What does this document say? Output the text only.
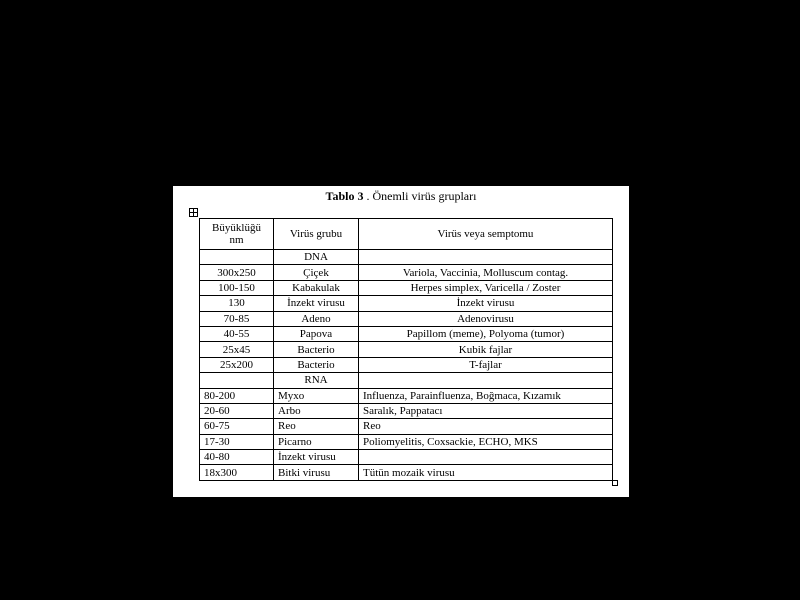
Tablo 3 . Önemli virüs grupları
Büyüklüğü nm	Virüs grubu	Virüs veya semptomu
	DNA	
300x250	Çiçek	Variola, Vaccinia, Molluscum contag.
100-150	Kabakulak	Herpes simplex, Varicella / Zoster
130	İnzekt virusu	İnzekt virusu
70-85	Adeno	Adenovirusu
40-55	Papova	Papillom (meme), Polyoma (tumor)
25x45	Bacterio	Kubik fajlar
25x200	Bacterio	T-fajlar
	RNA	
80-200	Myxo	Influenza, Parainfluenza, Boğmaca, Kızamık
20-60	Arbo	Saralık, Pappatacı
60-75	Reo	Reo
17-30	Picarno	Poliomyelitis, Coxsackie, ECHO, MKS
40-80	İnzekt virusu	
18x300	Bitki virusu	Tütün mozaik virusu
